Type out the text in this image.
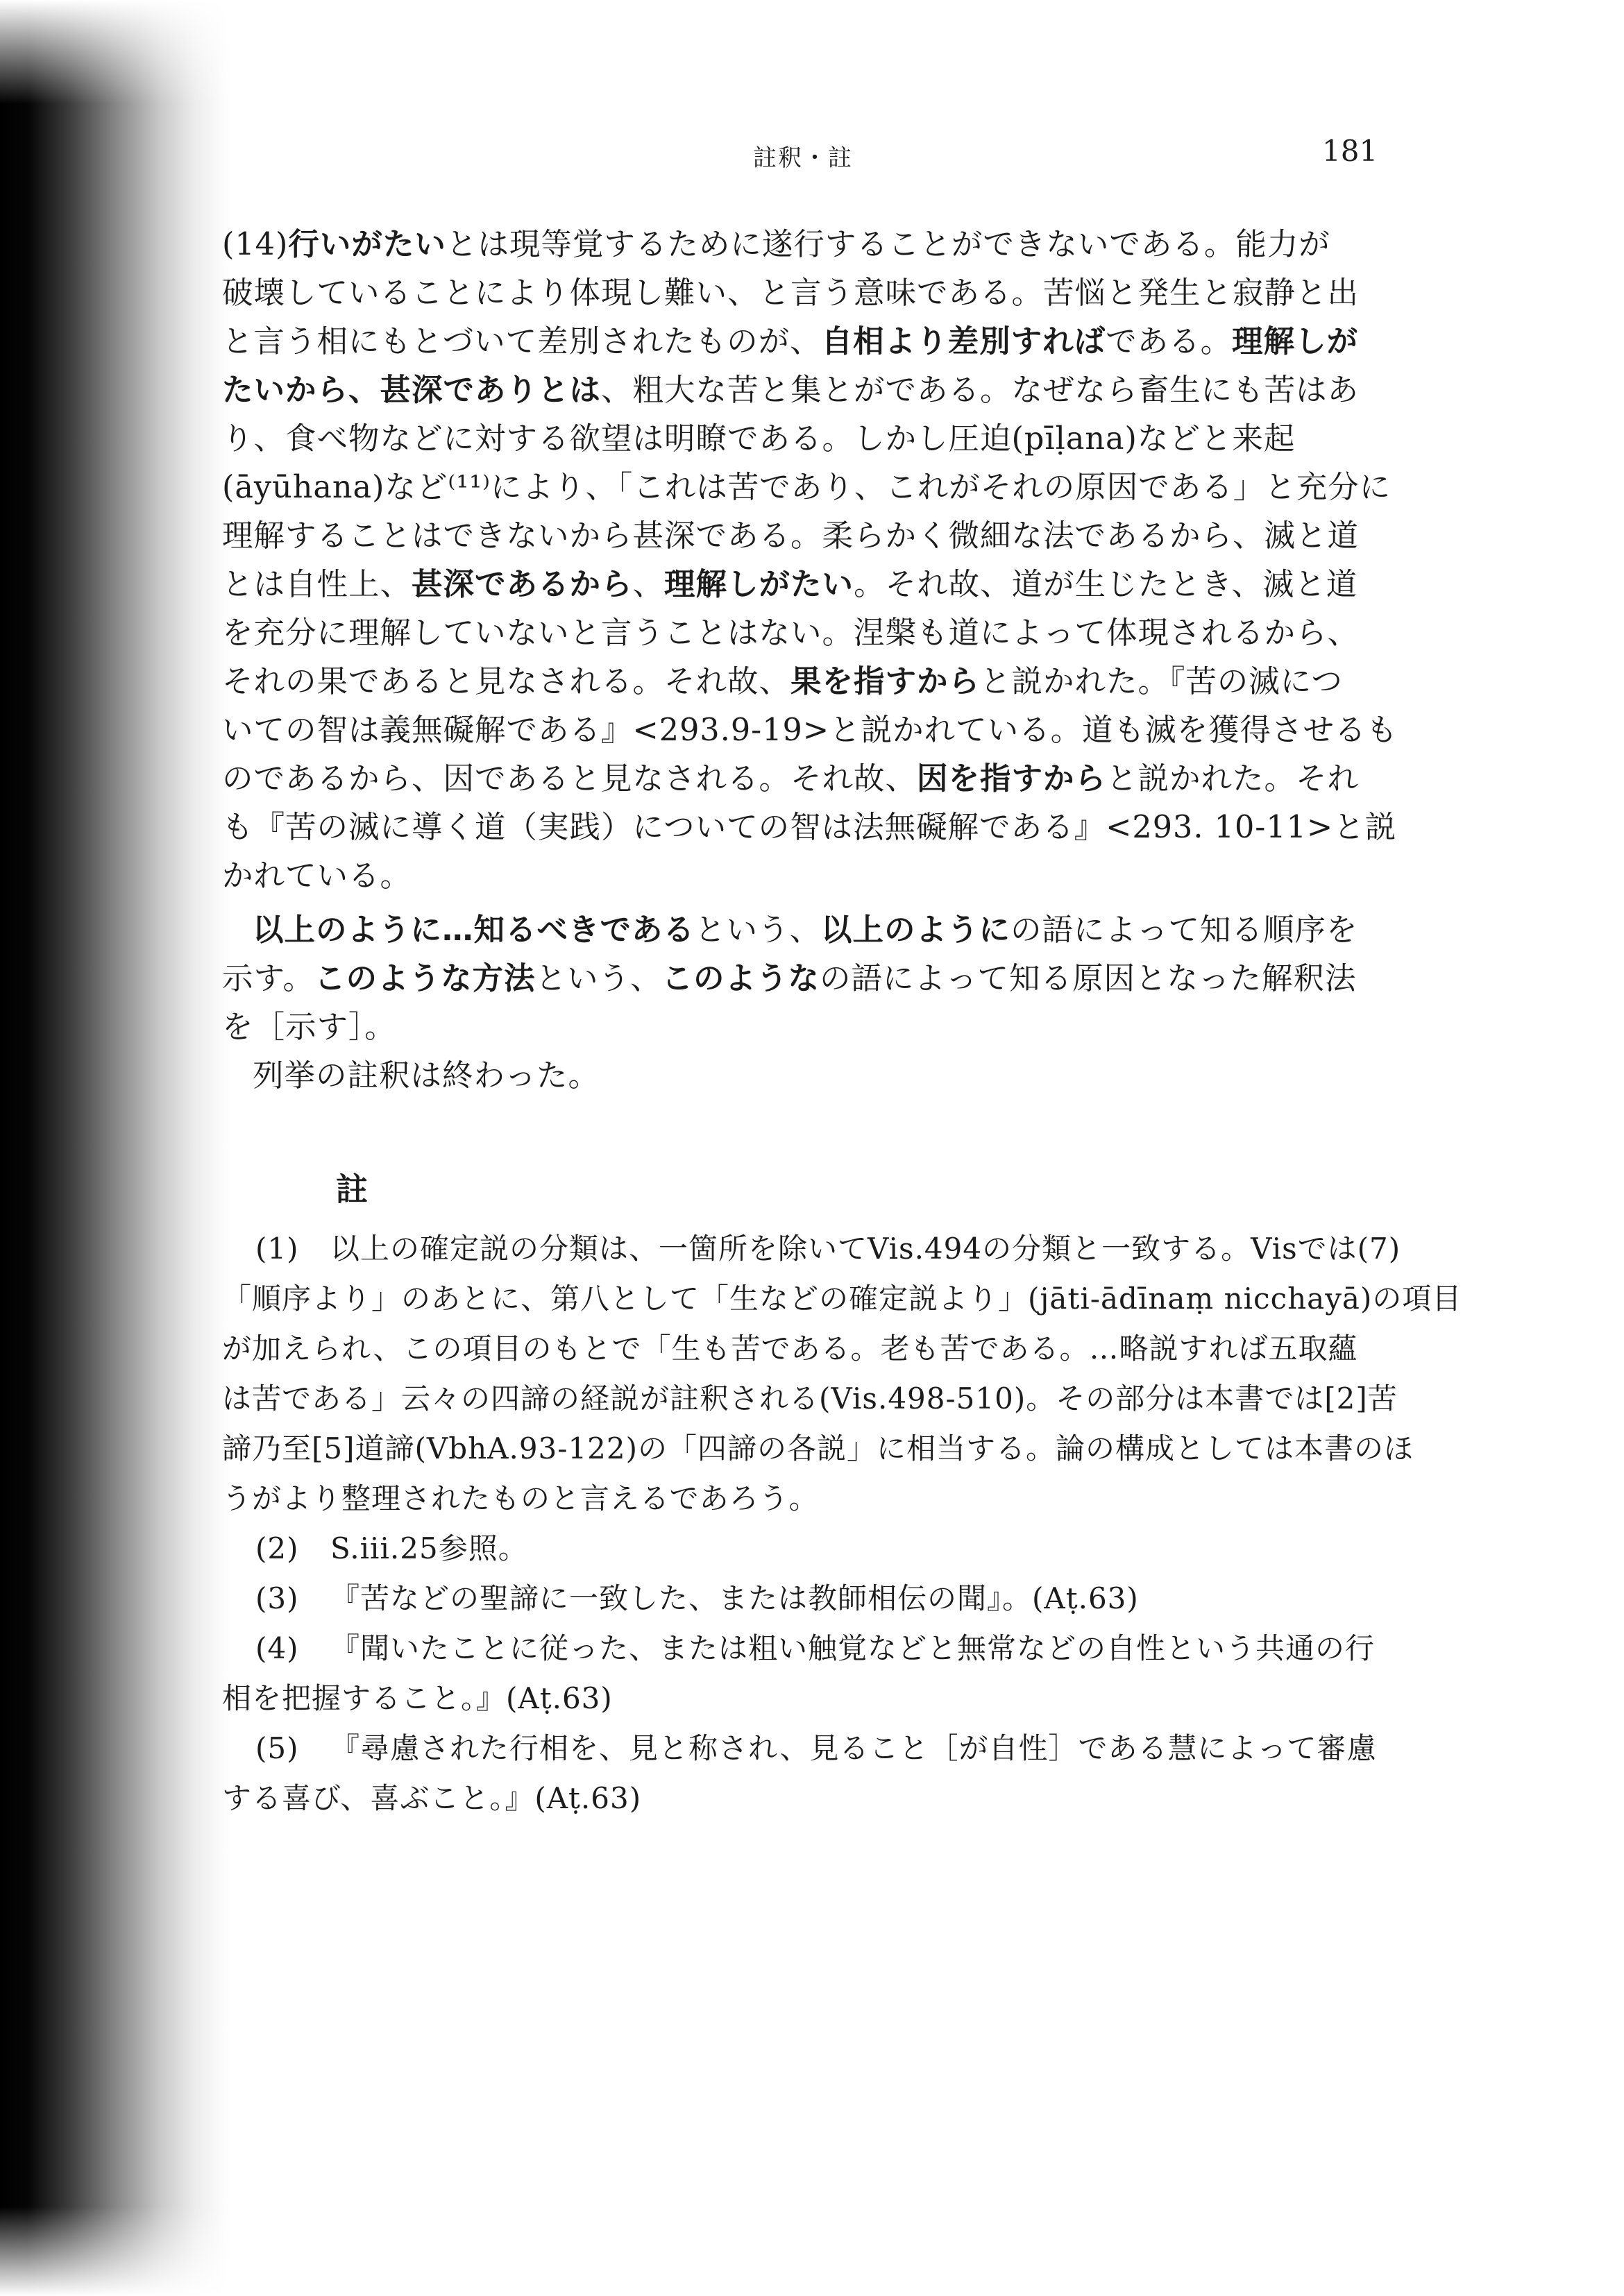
註釈・註	181

(14)行いがたいとは現等覚するために遂行することができないである。能力が
破壊していることにより体現し難い、と言う意味である。苦悩と発生と寂静と出
と言う相にもとづいて差別されたものが、自相より差別すればである。理解しが
たいから、甚深でありとは、粗大な苦と集とがである。なぜなら畜生にも苦はあ
り、食べ物などに対する欲望は明瞭である。しかし圧迫(pīḷana)などと来起
(āyūhana)など⁽¹¹⁾により、「これは苦であり、これがそれの原因である」と充分に
理解することはできないから甚深である。柔らかく微細な法であるから、滅と道
とは自性上、甚深であるから、理解しがたい。それ故、道が生じたとき、滅と道
を充分に理解していないと言うことはない。涅槃も道によって体現されるから、
それの果であると見なされる。それ故、果を指すからと説かれた。『苦の滅につ
いての智は義無礙解である』<293.9-19>と説かれている。道も滅を獲得させるも
のであるから、因であると見なされる。それ故、因を指すからと説かれた。それ
も『苦の滅に導く道（実践）についての智は法無礙解である』<293. 10-11>と説
かれている。

以上のように…知るべきであるという、以上のようにの語によって知る順序を

示す。このような方法という、このようなの語によって知る原因となった解釈法
を［示す］。

列挙の註釈は終わった。

註
(1) 以上の確定説の分類は、一箇所を除いてVis.494の分類と一致する。Visでは(7)
「順序より」のあとに、第八として「生などの確定説より」(jāti-ādīnaṃ nicchayā)の項目
が加えられ、この項目のもとで「生も苦である。老も苦である。…略説すれば五取蘊
は苦である」云々の四諦の経説が註釈される(Vis.498-510)。その部分は本書では[2]苦
諦乃至[5]道諦(VbhA.93-122)の「四諦の各説」に相当する。論の構成としては本書のほ
うがより整理されたものと言えるであろう。
(2) S.iii.25参照。
(3) 『苦などの聖諦に一致した、または教師相伝の聞』。(Aṭ.63)
(4) 『聞いたことに従った、または粗い触覚などと無常などの自性という共通の行
相を把握すること。』(Aṭ.63)
(5) 『尋慮された行相を、見と称され、見ること［が自性］である慧によって審慮
する喜び、喜ぶこと。』(Aṭ.63)
